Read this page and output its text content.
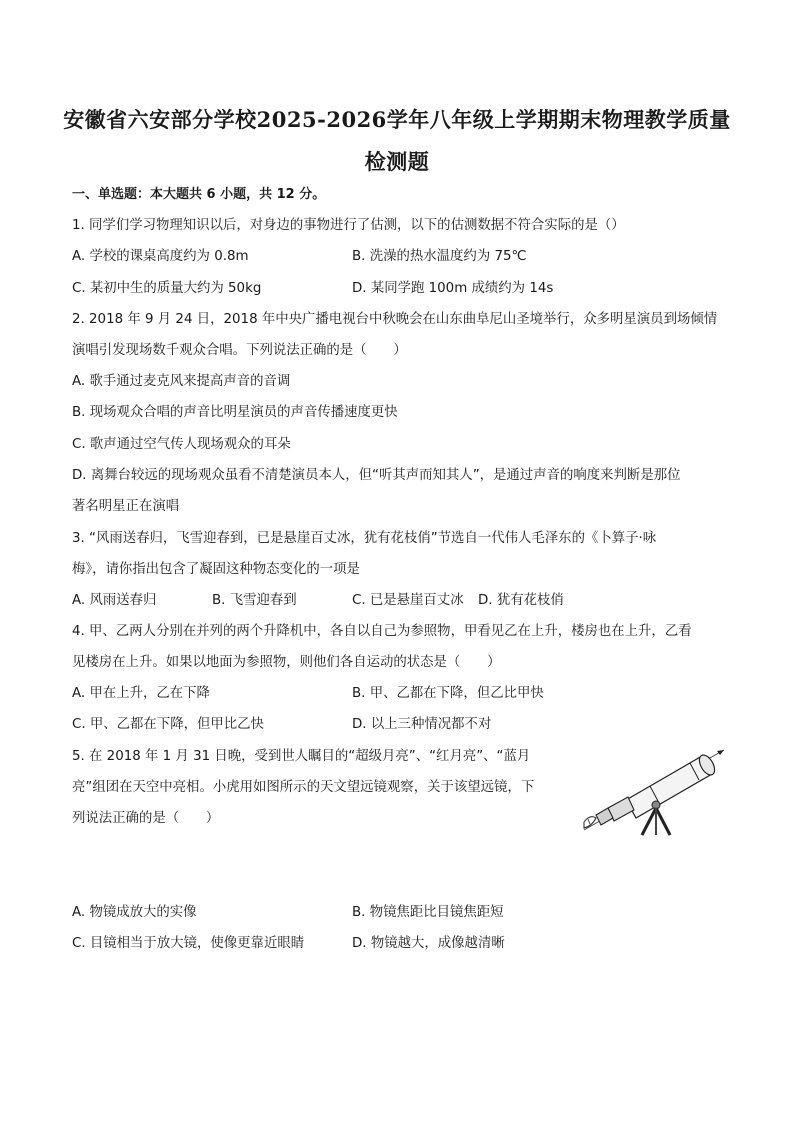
安徽省六安部分学校2025-2026学年八年级上学期期末物理教学质量
检测题
一、单选题：本大题共 6 小题，共 12 分。
1. 同学们学习物理知识以后，对身边的事物进行了估测，以下的估测数据不符合实际的是（）
A. 学校的课桌高度约为 0.8m	B. 洗澡的热水温度约为 75℃
C. 某初中生的质量大约为 50kg	D. 某同学跑 100m 成绩约为 14s
2. 2018 年 9 月 24 日，2018 年中央广播电视台中秋晚会在山东曲阜尼山圣境举行，众多明星演员到场倾情
演唱引发现场数千观众合唱。下列说法正确的是（　　）
A. 歌手通过麦克风来提高声音的音调
B. 现场观众合唱的声音比明星演员的声音传播速度更快
C. 歌声通过空气传人现场观众的耳朵
D. 离舞台较远的现场观众虽看不清楚演员本人，但“听其声而知其人”，是通过声音的响度来判断是那位
著名明星正在演唱
3. “风雨送春归，飞雪迎春到，已是悬崖百丈冰，犹有花枝俏”节选自一代伟人毛泽东的《卜算子·咏
梅》，请你指出包含了凝固这种物态变化的一项是
A. 风雨送春归	B. 飞雪迎春到	C. 已是悬崖百丈冰 D. 犹有花枝俏
4. 甲、乙两人分别在并列的两个升降机中，各自以自己为参照物，甲看见乙在上升，楼房也在上升，乙看
见楼房在上升。如果以地面为参照物，则他们各自运动的状态是（　　）
A. 甲在上升，乙在下降	B. 甲、乙都在下降，但乙比甲快
C. 甲、乙都在下降，但甲比乙快	D. 以上三种情况都不对
5. 在 2018 年 1 月 31 日晚，受到世人瞩目的“超级月亮”、“红月亮”、“蓝月
亮”组团在天空中亮相。小虎用如图所示的天文望远镜观察，关于该望远镜，下
列说法正确的是（　　）
A. 物镜成放大的实像	B. 物镜焦距比目镜焦距短
C. 目镜相当于放大镜，使像更靠近眼睛	D. 物镜越大，成像越清晰
